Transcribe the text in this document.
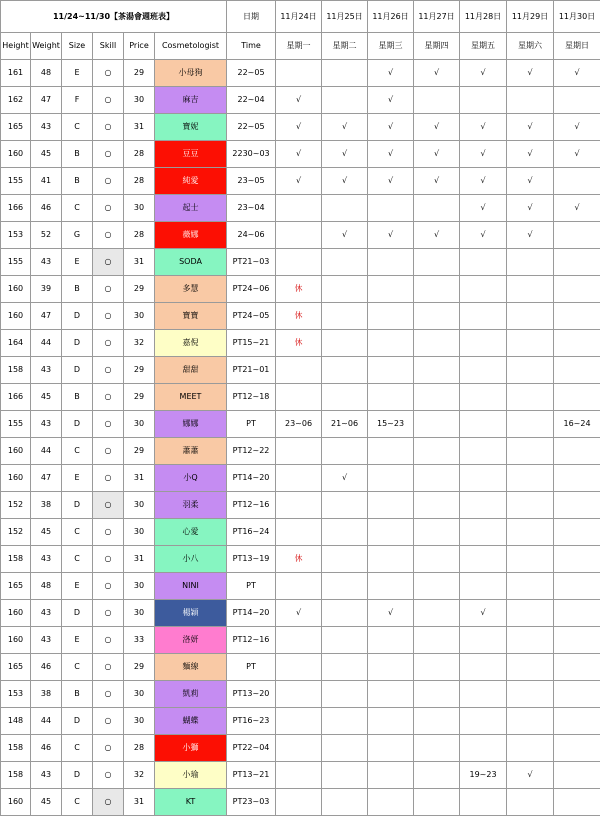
11/24~11/30【茶湯會週班表】						日期	11月24日	11月25日	11月26日	11月27日	11月28日	11月29日	11月30日
Height	Weight	Size	Skill	Price	Cosmetologist	Time	星期一	星期二	星期三	星期四	星期五	星期六	星期日
161	48	E	○	29	小母狗	22~05			√	√	√	√	√
162	47	F	○	30	麻吉	22~04	√		√				
165	43	C	○	31	寶妮	22~05	√	√	√	√	√	√	√
160	45	B	○	28	豆豆	2230~03	√	√	√	√	√	√	√
155	41	B	○	28	純愛	23~05	√	√	√	√	√	√	
166	46	C	○	30	起士	23~04					√	√	√
153	52	G	○	28	薇娜	24~06		√	√	√	√	√	
155	43	E	○	31	SODA	PT21~03							
160	39	B	○	29	多慧	PT24~06	休						
160	47	D	○	30	寶寶	PT24~05	休						
164	44	D	○	32	嘉倪	PT15~21	休						
158	43	D	○	29	甜甜	PT21~01							
166	45	B	○	29	MEET	PT12~18							
155	43	D	○	30	娜娜	PT	23~06	21~06	15~23				16~24
160	44	C	○	29	蕭蕭	PT12~22							
160	47	E	○	31	小Q	PT14~20		√					
152	38	D	○	30	羽柔	PT12~16							
152	45	C	○	30	心愛	PT16~24							
158	43	C	○	31	小八	PT13~19	休						
165	48	E	○	30	NINI	PT							
160	43	D	○	30	楊穎	PT14~20	√		√		√		
160	43	E	○	33	洛妍	PT12~16							
165	46	C	○	29	麵線	PT							
153	38	B	○	30	凱莉	PT13~20							
148	44	D	○	30	蝴蝶	PT16~23							
158	46	C	○	28	小獅	PT22~04							
158	43	D	○	32	小瑜	PT13~21					19~23	√	
160	45	C	○	31	KT	PT23~03							
